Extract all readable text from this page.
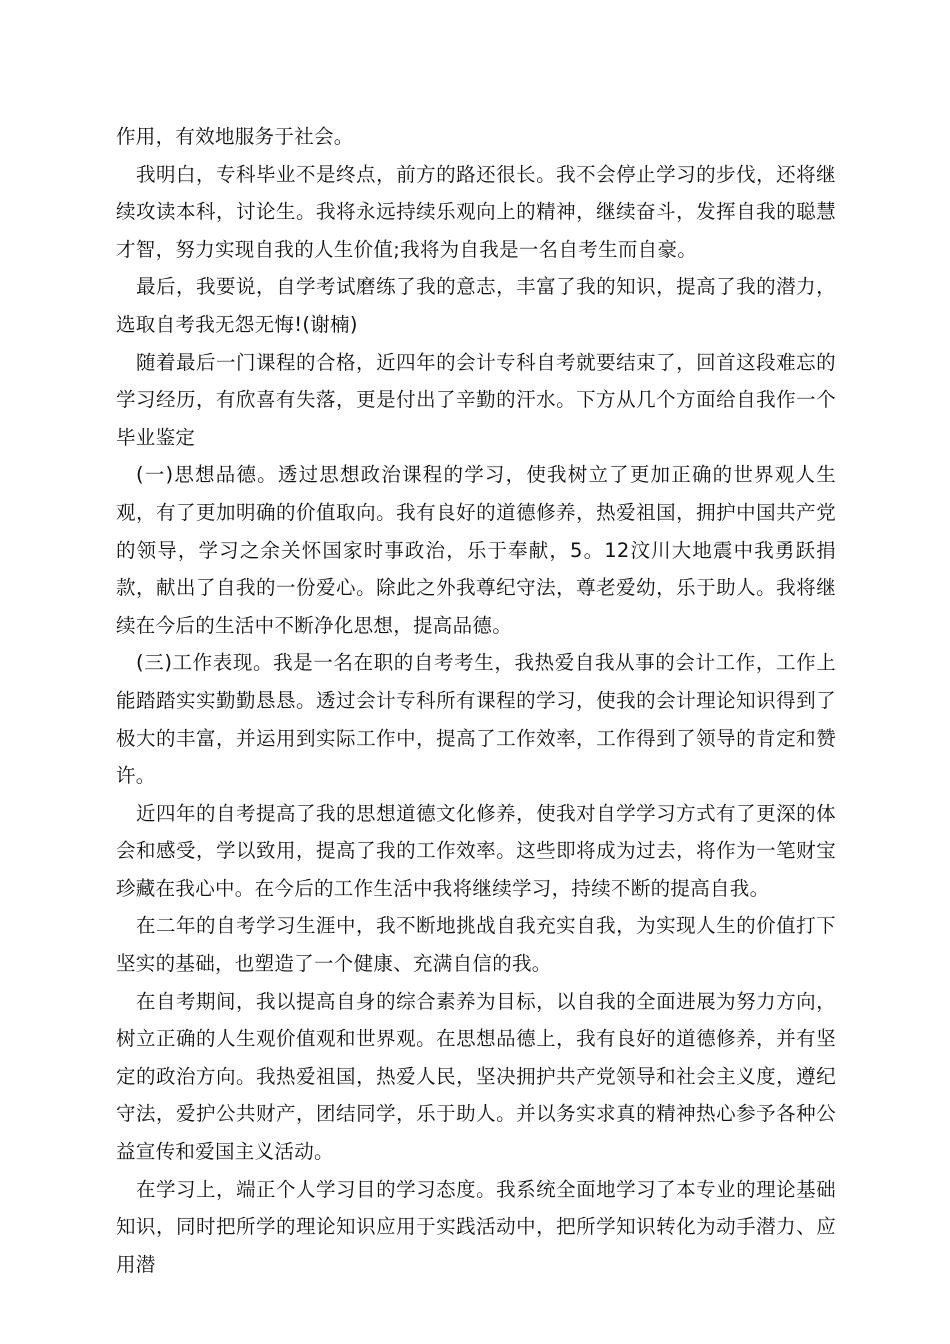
作用，有效地服务于社会。

我明白，专科毕业不是终点，前方的路还很长。我不会停止学习的步伐，还将继续攻读本科，讨论生。我将永远持续乐观向上的精神，继续奋斗，发挥自我的聪慧才智，努力实现自我的人生价值;我将为自我是一名自考生而自豪。

最后，我要说，自学考试磨练了我的意志，丰富了我的知识，提高了我的潜力，选取自考我无怨无悔!(谢楠)

随着最后一门课程的合格，近四年的会计专科自考就要结束了，回首这段难忘的学习经历，有欣喜有失落，更是付出了辛勤的汗水。下方从几个方面给自我作一个毕业鉴定

(一)思想品德。透过思想政治课程的学习，使我树立了更加正确的世界观人生观，有了更加明确的价值取向。我有良好的道德修养，热爱祖国，拥护中国共产党的领导，学习之余关怀国家时事政治，乐于奉献，5。12汶川大地震中我勇跃捐款，献出了自我的一份爱心。除此之外我尊纪守法，尊老爱幼，乐于助人。我将继续在今后的生活中不断净化思想，提高品德。

(三)工作表现。我是一名在职的自考考生，我热爱自我从事的会计工作，工作上能踏踏实实勤勤恳恳。透过会计专科所有课程的学习，使我的会计理论知识得到了极大的丰富，并运用到实际工作中，提高了工作效率，工作得到了领导的肯定和赞许。

近四年的自考提高了我的思想道德文化修养，使我对自学学习方式有了更深的体会和感受，学以致用，提高了我的工作效率。这些即将成为过去，将作为一笔财宝珍藏在我心中。在今后的工作生活中我将继续学习，持续不断的提高自我。

在二年的自考学习生涯中，我不断地挑战自我充实自我，为实现人生的价值打下坚实的基础，也塑造了一个健康、充满自信的我。

在自考期间，我以提高自身的综合素养为目标，以自我的全面进展为努力方向，树立正确的人生观价值观和世界观。在思想品德上，我有良好的道德修养，并有坚定的政治方向。我热爱祖国，热爱人民，坚决拥护共产党领导和社会主义度，遵纪守法，爱护公共财产，团结同学，乐于助人。并以务实求真的精神热心参予各种公益宣传和爱国主义活动。

在学习上，端正个人学习目的学习态度。我系统全面地学习了本专业的理论基础知识，同时把所学的理论知识应用于实践活动中，把所学知识转化为动手潜力、应用潜
